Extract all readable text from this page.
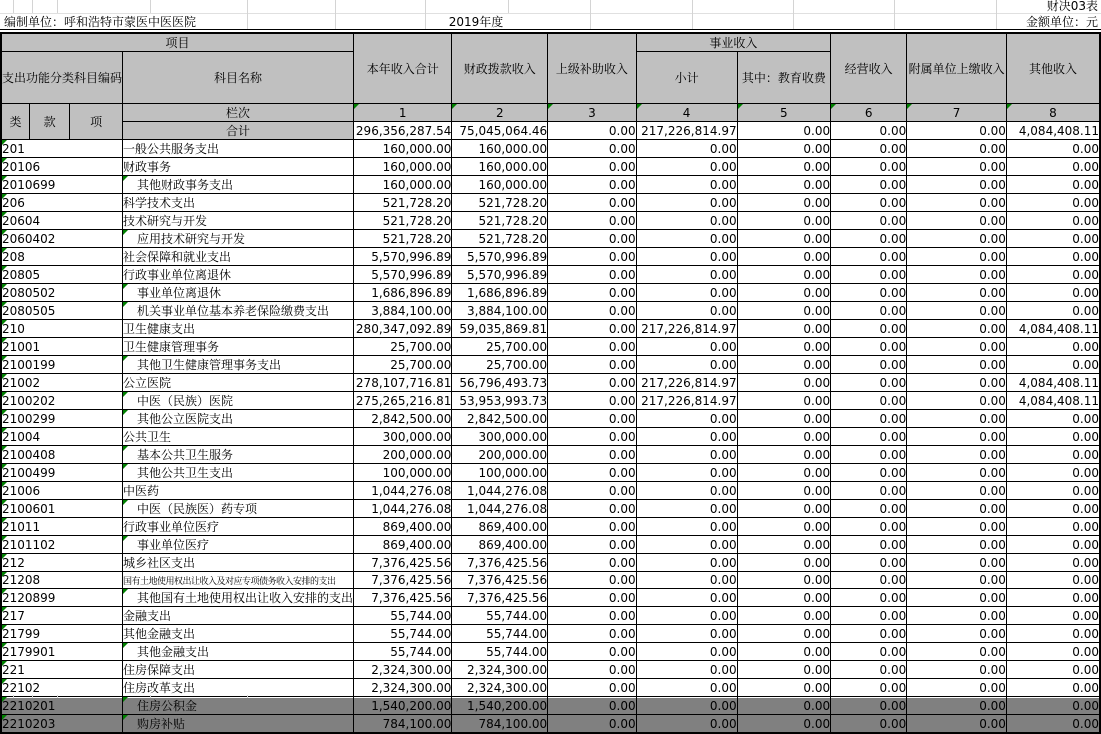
财决03表
编制单位：呼和浩特市蒙医中医医院	2019年度	金额单位：元
项目				本年收入合计	财政拨款收入	上级补助收入	事业收入		经营收入	附属单位上缴收入	其他收入
支出功能分类科目编码			科目名称				小计	其中：教育收费			
类	款	项	栏次	1	2	3	4	5	6	7	8
			合计	296,356,287.54	75,045,064.46	0.00	217,226,814.97	0.00	0.00	0.00	4,084,408.11
201			一般公共服务支出	160,000.00	160,000.00	0.00	0.00	0.00	0.00	0.00	0.00
20106			财政事务	160,000.00	160,000.00	0.00	0.00	0.00	0.00	0.00	0.00
2010699			其他财政事务支出	160,000.00	160,000.00	0.00	0.00	0.00	0.00	0.00	0.00
206			科学技术支出	521,728.20	521,728.20	0.00	0.00	0.00	0.00	0.00	0.00
20604			技术研究与开发	521,728.20	521,728.20	0.00	0.00	0.00	0.00	0.00	0.00
2060402			应用技术研究与开发	521,728.20	521,728.20	0.00	0.00	0.00	0.00	0.00	0.00
208			社会保障和就业支出	5,570,996.89	5,570,996.89	0.00	0.00	0.00	0.00	0.00	0.00
20805			行政事业单位离退休	5,570,996.89	5,570,996.89	0.00	0.00	0.00	0.00	0.00	0.00
2080502			事业单位离退休	1,686,896.89	1,686,896.89	0.00	0.00	0.00	0.00	0.00	0.00
2080505			机关事业单位基本养老保险缴费支出	3,884,100.00	3,884,100.00	0.00	0.00	0.00	0.00	0.00	0.00
210			卫生健康支出	280,347,092.89	59,035,869.81	0.00	217,226,814.97	0.00	0.00	0.00	4,084,408.11
21001			卫生健康管理事务	25,700.00	25,700.00	0.00	0.00	0.00	0.00	0.00	0.00
2100199			其他卫生健康管理事务支出	25,700.00	25,700.00	0.00	0.00	0.00	0.00	0.00	0.00
21002			公立医院	278,107,716.81	56,796,493.73	0.00	217,226,814.97	0.00	0.00	0.00	4,084,408.11
2100202			中医（民族）医院	275,265,216.81	53,953,993.73	0.00	217,226,814.97	0.00	0.00	0.00	4,084,408.11
2100299			其他公立医院支出	2,842,500.00	2,842,500.00	0.00	0.00	0.00	0.00	0.00	0.00
21004			公共卫生	300,000.00	300,000.00	0.00	0.00	0.00	0.00	0.00	0.00
2100408			基本公共卫生服务	200,000.00	200,000.00	0.00	0.00	0.00	0.00	0.00	0.00
2100499			其他公共卫生支出	100,000.00	100,000.00	0.00	0.00	0.00	0.00	0.00	0.00
21006			中医药	1,044,276.08	1,044,276.08	0.00	0.00	0.00	0.00	0.00	0.00
2100601			中医（民族医）药专项	1,044,276.08	1,044,276.08	0.00	0.00	0.00	0.00	0.00	0.00
21011			行政事业单位医疗	869,400.00	869,400.00	0.00	0.00	0.00	0.00	0.00	0.00
2101102			事业单位医疗	869,400.00	869,400.00	0.00	0.00	0.00	0.00	0.00	0.00
212			城乡社区支出	7,376,425.56	7,376,425.56	0.00	0.00	0.00	0.00	0.00	0.00
21208			国有土地使用权出让收入及对应专项债务收入安排的支出	7,376,425.56	7,376,425.56	0.00	0.00	0.00	0.00	0.00	0.00
2120899			其他国有土地使用权出让收入安排的支出	7,376,425.56	7,376,425.56	0.00	0.00	0.00	0.00	0.00	0.00
217			金融支出	55,744.00	55,744.00	0.00	0.00	0.00	0.00	0.00	0.00
21799			其他金融支出	55,744.00	55,744.00	0.00	0.00	0.00	0.00	0.00	0.00
2179901			其他金融支出	55,744.00	55,744.00	0.00	0.00	0.00	0.00	0.00	0.00
221			住房保障支出	2,324,300.00	2,324,300.00	0.00	0.00	0.00	0.00	0.00	0.00
22102			住房改革支出	2,324,300.00	2,324,300.00	0.00	0.00	0.00	0.00	0.00	0.00
2210201			住房公积金	1,540,200.00	1,540,200.00	0.00	0.00	0.00	0.00	0.00	0.00
2210203			购房补贴	784,100.00	784,100.00	0.00	0.00	0.00	0.00	0.00	0.00
